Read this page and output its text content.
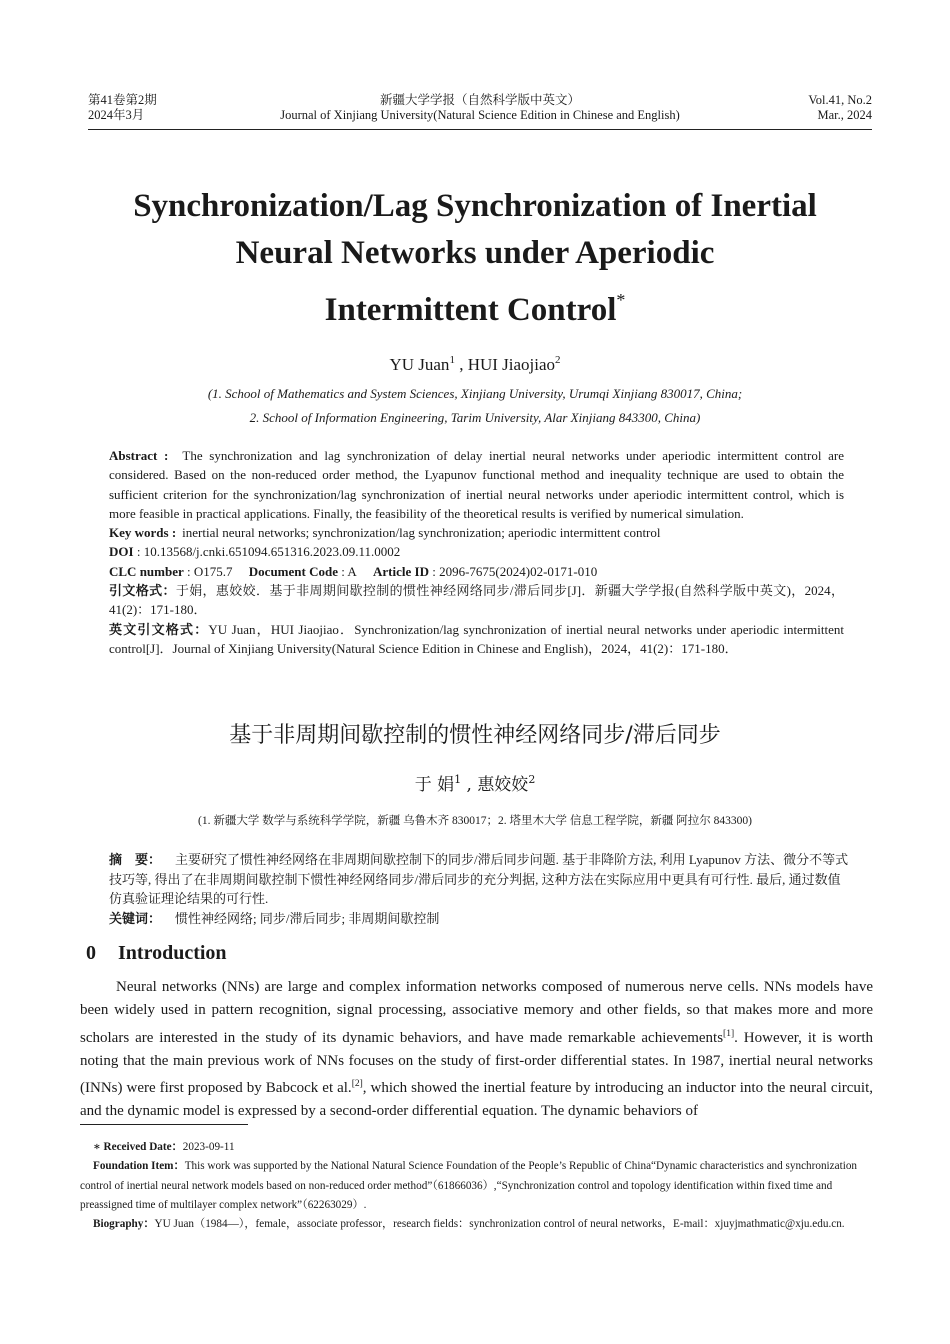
第41卷第2期
2024年3月
新疆大学学报（自然科学版中英文）
Journal of Xinjiang University(Natural Science Edition in Chinese and English)
Vol.41, No.2
Mar., 2024
Synchronization/Lag Synchronization of Inertial
Neural Networks under Aperiodic
Intermittent Control*
YU Juan$^1$ , HUI Jiaojiao$^2$
(1. School of Mathematics and System Sciences, Xinjiang University, Urumqi Xinjiang 830017, China;
2. School of Information Engineering, Tarim University, Alar Xinjiang 843300, China)

Abstract : The synchronization and lag synchronization of delay inertial neural networks under aperiodic intermittent control are considered. Based on the non-reduced order method, the Lyapunov functional method and inequality technique are used to obtain the sufficient criterion for the synchronization/lag synchronization of inertial neural networks under aperiodic intermittent control, which is more feasible in practical applications. Finally, the feasibility of the theoretical results is verified by numerical simulation.

Key words : inertial neural networks; synchronization/lag synchronization; aperiodic intermittent control

DOI : 10.13568/j.cnki.651094.651316.2023.09.11.0002

CLC number : O175.7 Document Code : A Article ID : 2096-7675(2024)02-0171-010

引文格式：于娟，惠姣姣．基于非周期间歇控制的惯性神经网络同步/滞后同步[J]．新疆大学学报(自然科学版中英文)，2024，41(2)：171-180．

英文引文格式：YU Juan，HUI Jiaojiao．Synchronization/lag synchronization of inertial neural networks under aperiodic intermittent control[J]．Journal of Xinjiang University(Natural Science Edition in Chinese and English)，2024，41(2)：171-180．

基于非周期间歇控制的惯性神经网络同步/滞后同步
于 娟$^1$ , 惠姣姣$^2$
(1. 新疆大学 数学与系统科学学院，新疆 乌鲁木齐 830017；2. 塔里木大学 信息工程学院，新疆 阿拉尔 843300)
摘　要： 主要研究了惯性神经网络在非周期间歇控制下的同步/滞后同步问题. 基于非降阶方法, 利用 Lyapunov 方法、微分不等式技巧等, 得出了在非周期间歇控制下惯性神经网络同步/滞后同步的充分判据, 这种方法在实际应用中更具有可行性. 最后, 通过数值仿真验证理论结果的可行性.
关键词： 惯性神经网络; 同步/滞后同步; 非周期间歇控制
0 Introduction

Neural networks (NNs) are large and complex information networks composed of numerous nerve cells. NNs models have been widely used in pattern recognition, signal processing, associative memory and other fields, so that makes more and more scholars are interested in the study of its dynamic behaviors, and have made remarkable achievements[1]. However, it is worth noting that the main previous work of NNs focuses on the study of first-order differential states. In 1987, inertial neural networks (INNs) were first proposed by Babcock et al.[2], which showed the inertial feature by introducing an inductor into the neural circuit, and the dynamic model is expressed by a second-order differential equation. The dynamic behaviors of

∗ Received Date：2023-09-11

Foundation Item：This work was supported by the National Natural Science Foundation of the People’s Republic of China“Dynamic characteristics and synchronization control of inertial neural network models based on non-reduced order method”（61866036）,“Synchronization control and topology identification within fixed time and preassigned time of multilayer complex network”（62263029）.

Biography：YU Juan（1984—），female，associate professor，research fields：synchronization control of neural networks，E-mail：xjuyjmathmatic@xju.edu.cn.
